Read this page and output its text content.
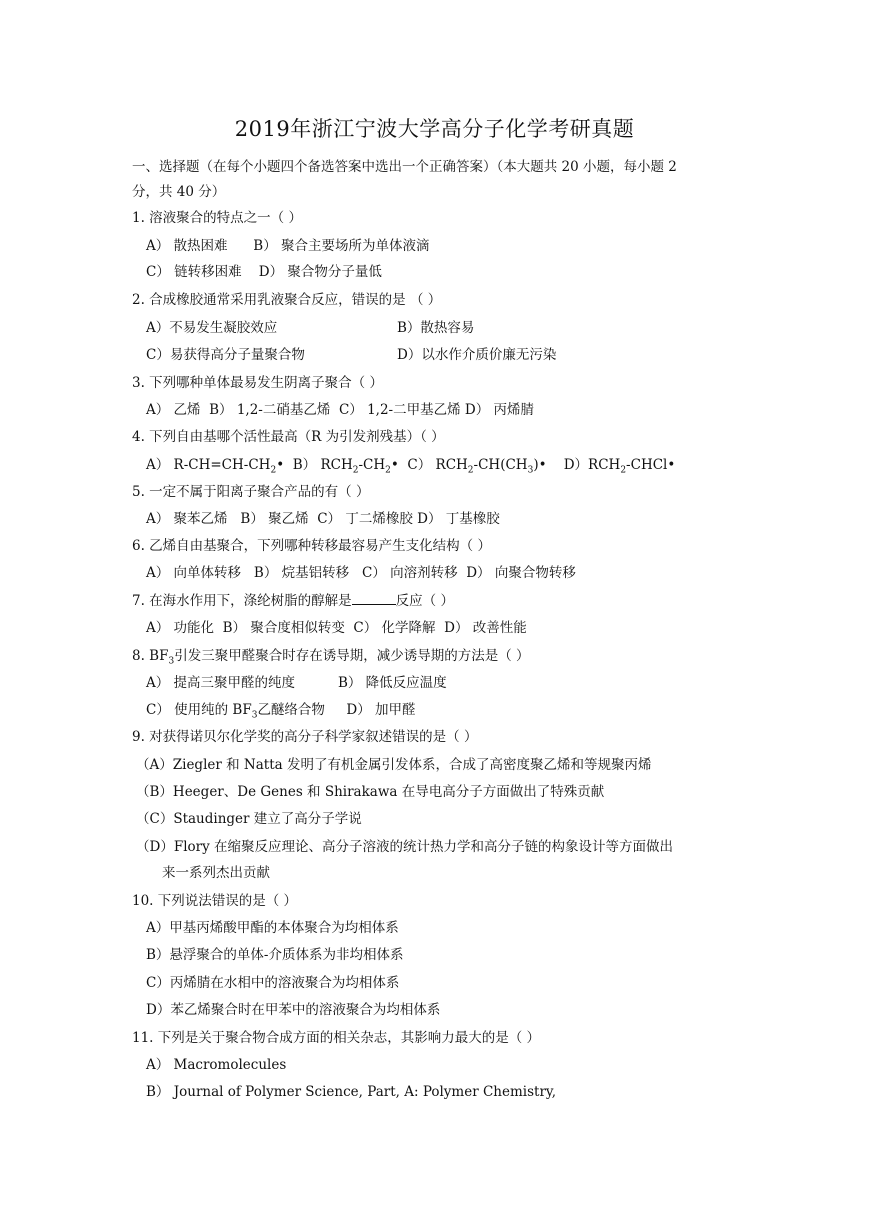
2019年浙江宁波大学高分子化学考研真题
一、选择题（在每个小题四个备选答案中选出一个正确答案）（本大题共 20 小题，每小题 2
分，共 40 分）
1. 溶液聚合的特点之一（ ）
A） 散热困难      B） 聚合主要场所为单体液滴
C） 链转移困难    D） 聚合物分子量低
2. 合成橡胶通常采用乳液聚合反应，错误的是 （ ）
A）不易发生凝胶效应	B）散热容易
C）易获得高分子量聚合物	D）以水作介质价廉无污染
3. 下列哪种单体最易发生阴离子聚合（ ）
A） 乙烯  B） 1,2-二硝基乙烯  C） 1,2-二甲基乙烯 D） 丙烯腈
4. 下列自由基哪个活性最高（R 为引发剂残基）（ ）
A） $R-CH=CH-CH_2•$  B） $RCH_2-CH_2•$  C） $RCH_2-CH(CH_3)•$    $D)RCH_2-CHCl•$
5. 一定不属于阳离子聚合产品的有（ ）
A） 聚苯乙烯   B） 聚乙烯  C） 丁二烯橡胶 D） 丁基橡胶
6. 乙烯自由基聚合，下列哪种转移最容易产生支化结构（ ）
A） 向单体转移   B） 烷基铝转移   C） 向溶剂转移  D） 向聚合物转移
7. 在海水作用下，涤纶树脂的醇解是	反应（ ）
A） 功能化  B） 聚合度相似转变  C） 化学降解  D） 改善性能
8. $BF_3$引发三聚甲醛聚合时存在诱导期，减少诱导期的方法是（ ）
A） 提高三聚甲醛的纯度          B） 降低反应温度
C） 使用纯的 $BF_3$乙醚络合物     D） 加甲醛
9. 对获得诺贝尔化学奖的高分子科学家叙述错误的是（ ）
（A）Ziegler 和 Natta 发明了有机金属引发体系，合成了高密度聚乙烯和等规聚丙烯
（B）Heeger、De Genes 和 Shirakawa 在导电高分子方面做出了特殊贡献
（C）Staudinger 建立了高分子学说
（D）Flory 在缩聚反应理论、高分子溶液的统计热力学和高分子链的构象设计等方面做出
来一系列杰出贡献
10. 下列说法错误的是（ ）
A）甲基丙烯酸甲酯的本体聚合为均相体系
B）悬浮聚合的单体-介质体系为非均相体系
C）丙烯腈在水相中的溶液聚合为均相体系
D）苯乙烯聚合时在甲苯中的溶液聚合为均相体系
11. 下列是关于聚合物合成方面的相关杂志，其影响力最大的是（ ）
A） Macromolecules
B） Journal of Polymer Science, Part, A: Polymer Chemistry,
